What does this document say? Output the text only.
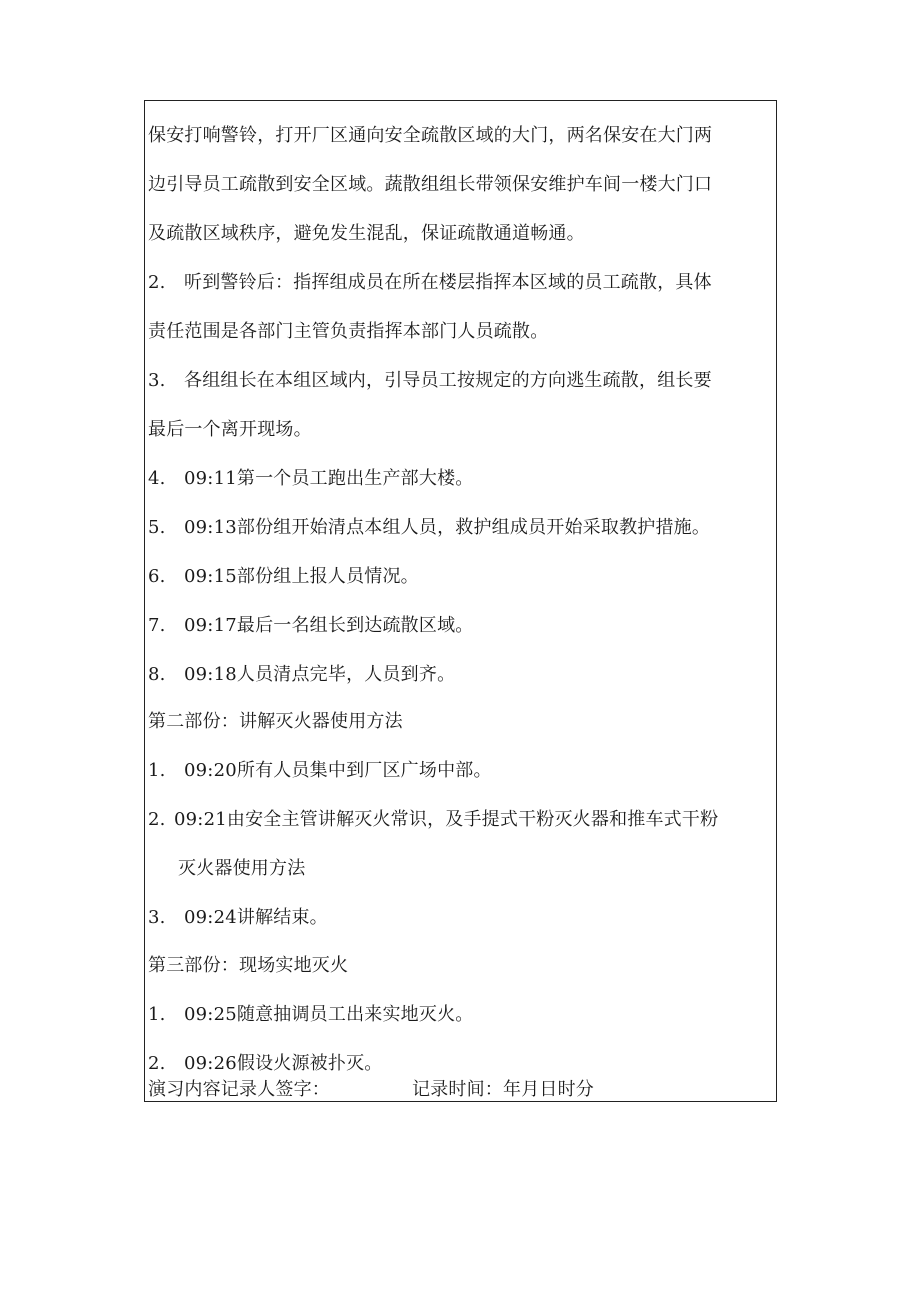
保安打响警铃，打开厂区通向安全疏散区域的大门，两名保安在大门两
边引导员工疏散到安全区域。蔬散组组长带领保安维护车间一楼大门口
及疏散区域秩序，避免发生混乱，保证疏散通道畅通。
2. 听到警铃后：指挥组成员在所在楼层指挥本区域的员工疏散，具体
责任范围是各部门主管负责指挥本部门人员疏散。
3. 各组组长在本组区域内，引导员工按规定的方向逃生疏散，组长要
最后一个离开现场。
4. 09:11第一个员工跑出生产部大楼。
5. 09:13部份组开始清点本组人员，救护组成员开始采取教护措施。
6. 09:15部份组上报人员情况。
7. 09:17最后一名组长到达疏散区域。
8. 09:18人员清点完毕，人员到齐。
第二部份：讲解灭火器使用方法
1. 09:20所有人员集中到厂区广场中部。
2. 09:21由安全主管讲解灭火常识，及手提式干粉灭火器和推车式干粉
灭火器使用方法
3. 09:24讲解结束。
第三部份：现场实地灭火
1. 09:25随意抽调员工出来实地灭火。
2. 09:26假设火源被扑灭。
演习内容记录人签字：	记录时间：年月日时分
